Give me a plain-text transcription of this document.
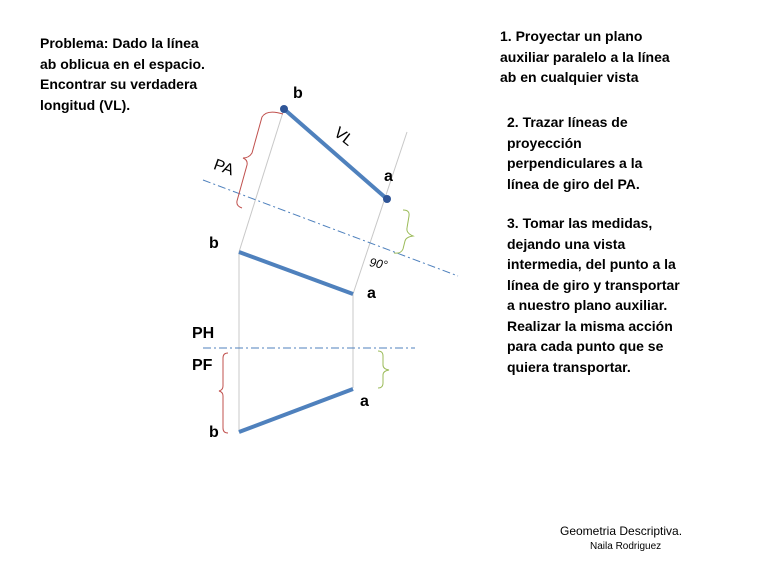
Problema: Dado la línea
ab oblicua en el espacio.
Encontrar su verdadera
longitud (VL).
1. Proyectar un plano
auxiliar paralelo a la línea
ab en cualquier vista
2. Trazar líneas de
proyección
perpendiculares a la
línea de giro del PA.
3. Tomar las medidas,
dejando una vista
intermedia, del punto a la
línea de giro y transportar
a nuestro plano auxiliar.
Realizar la misma acción
para cada punto que se
quiera transportar.
b
a
VL
PA
b
a
90°
PH
PF
b
a
Geometria Descriptiva.
Naila Rodriguez
